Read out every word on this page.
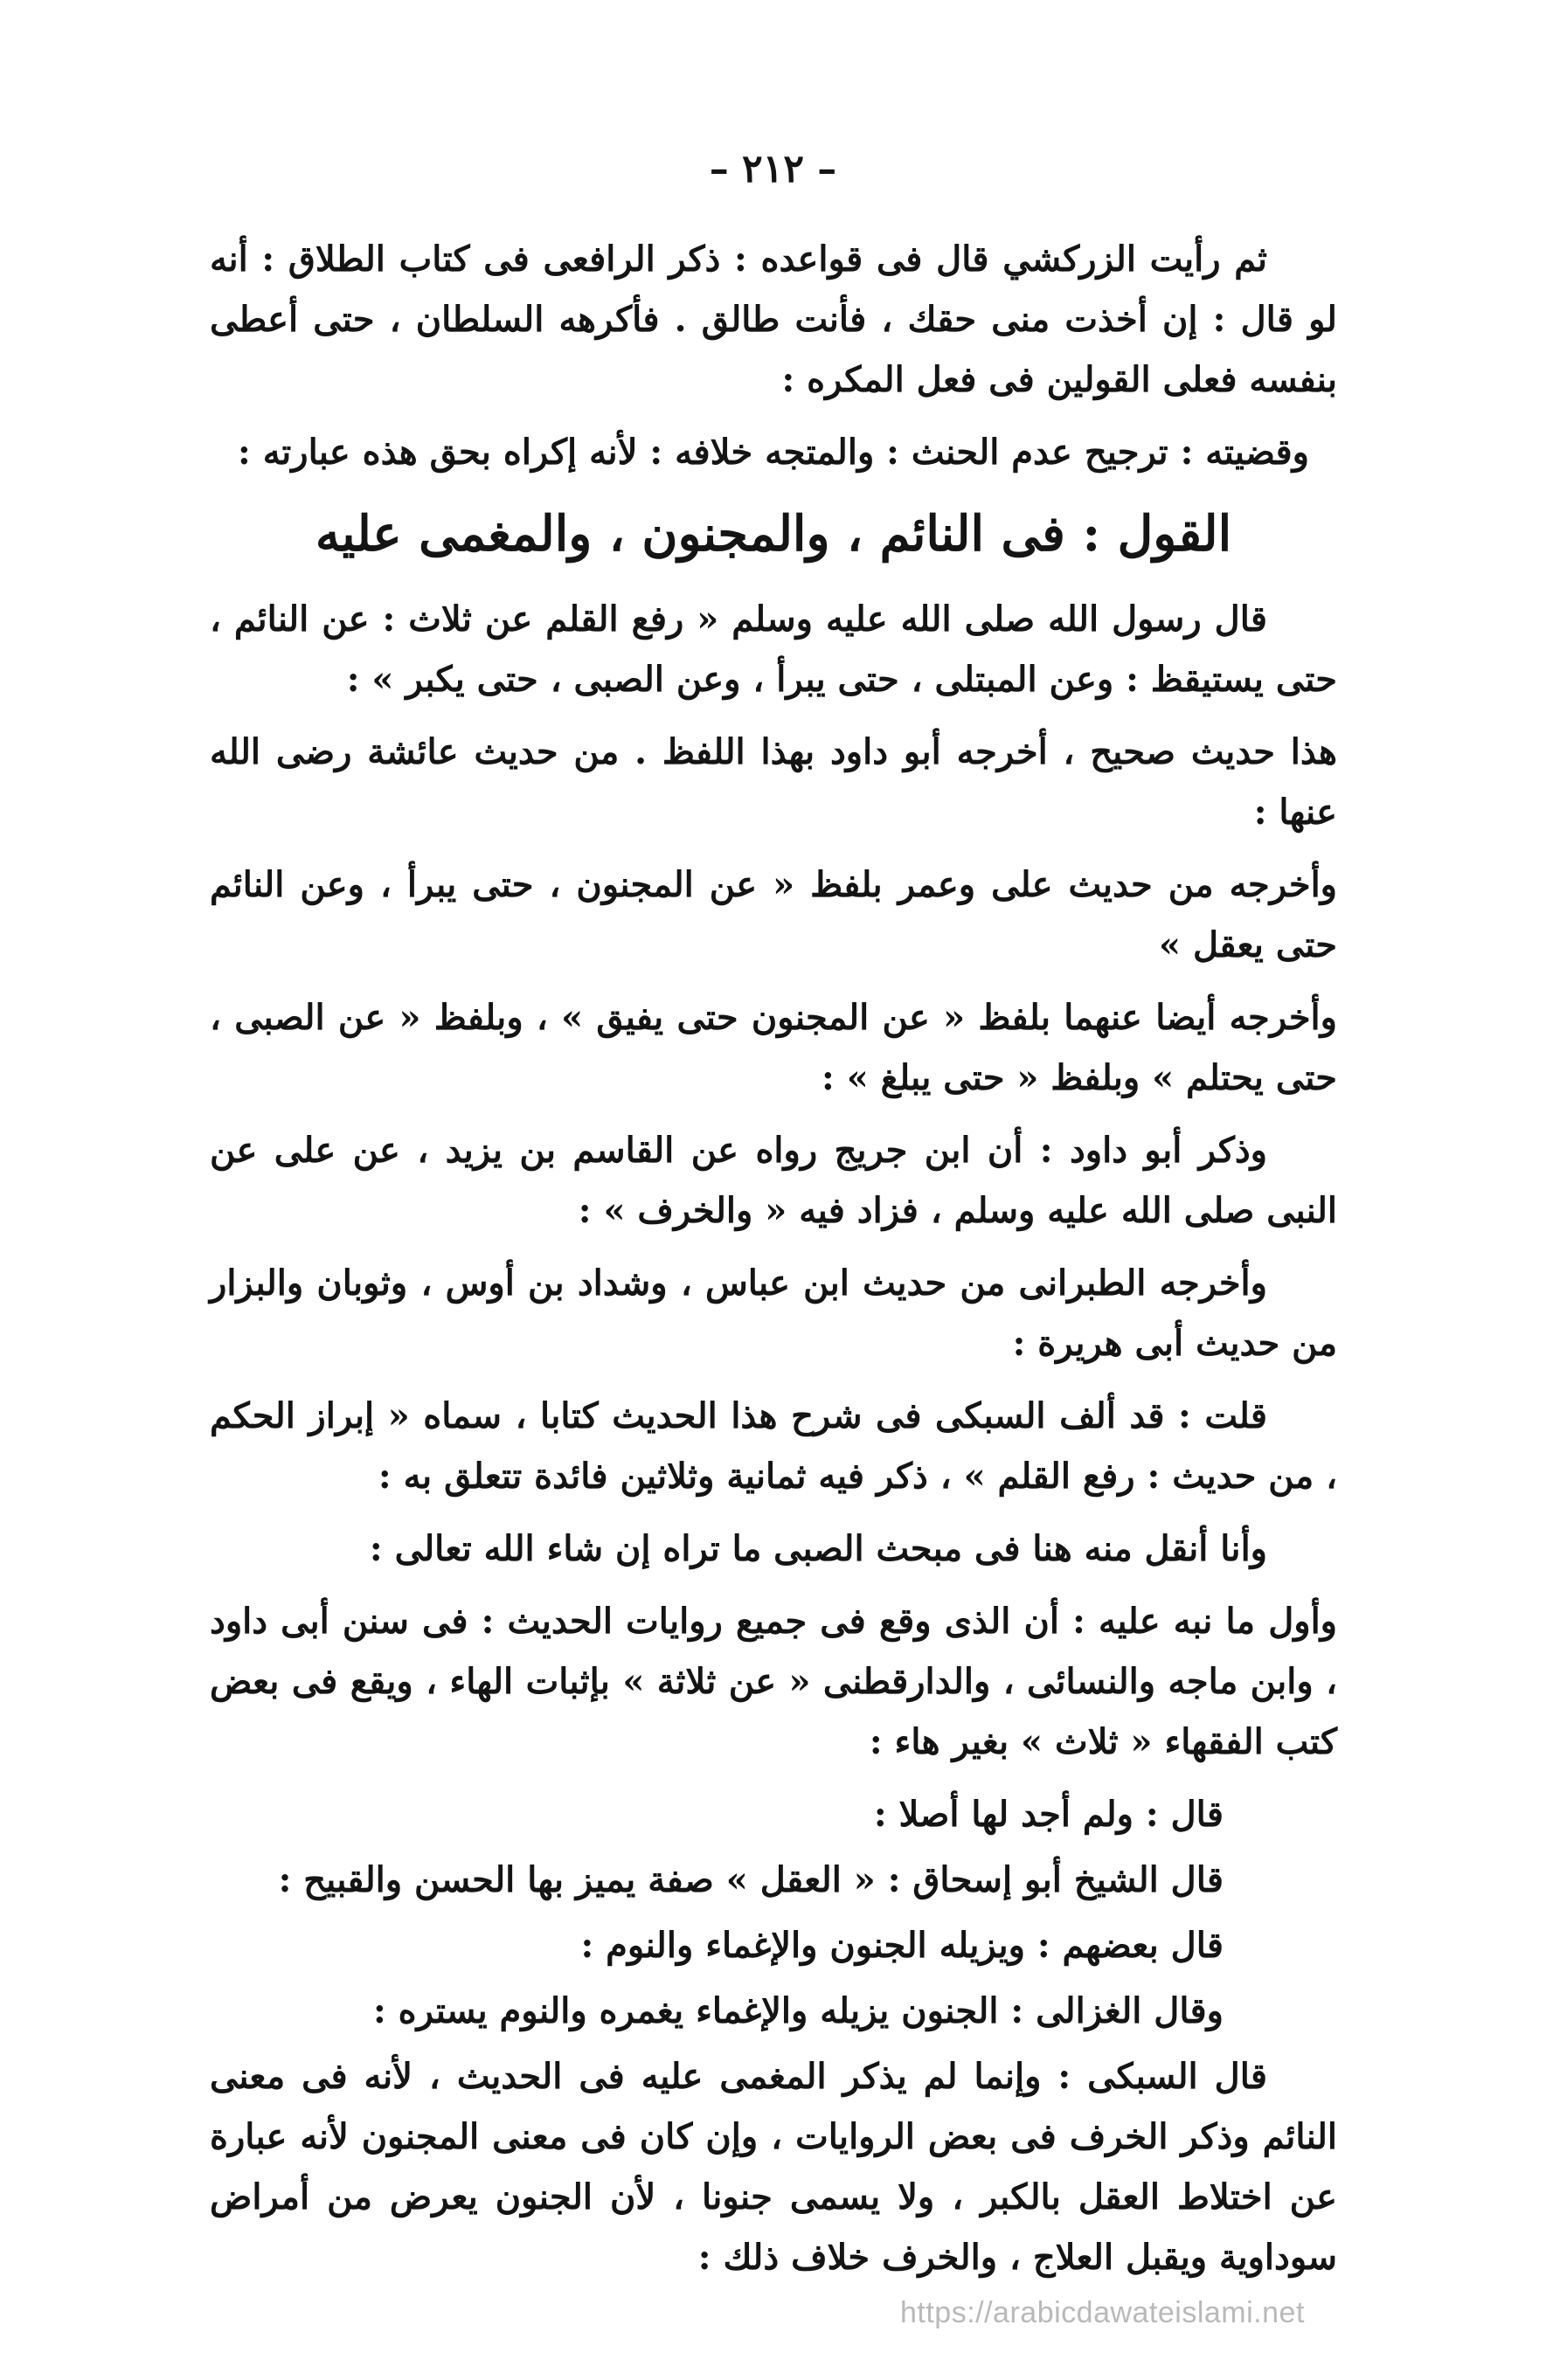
– ٢١٢ –

ثم رأيت الزركشي قال فى قواعده : ذكر الرافعى فى كتاب الطلاق : أنه لو قال : إن أخذت منى حقك ، فأنت طالق . فأكرهه السلطان ، حتى أعطى بنفسه فعلى القولين فى فعل المكره :

وقضيته : ترجيح عدم الحنث : والمتجه خلافه : لأنه إكراه بحق هذه عبارته :

القول : فى النائم ، والمجنون ، والمغمى عليه

قال رسول الله صلى الله عليه وسلم « رفع القلم عن ثلاث : عن النائم ، حتى يستيقظ : وعن المبتلى ، حتى يبرأ ، وعن الصبى ، حتى يكبر » :

هذا حديث صحيح ، أخرجه أبو داود بهذا اللفظ . من حديث عائشة رضى الله عنها :

وأخرجه من حديث على وعمر بلفظ « عن المجنون ، حتى يبرأ ، وعن النائم حتى يعقل »

وأخرجه أيضا عنهما بلفظ « عن المجنون حتى يفيق » ، وبلفظ « عن الصبى ، حتى يحتلم » وبلفظ « حتى يبلغ » :

وذكر أبو داود : أن ابن جريج رواه عن القاسم بن يزيد ، عن على عن النبى صلى الله عليه وسلم ، فزاد فيه « والخرف » :

وأخرجه الطبرانى من حديث ابن عباس ، وشداد بن أوس ، وثوبان والبزار من حديث أبى هريرة :

قلت : قد ألف السبكى فى شرح هذا الحديث كتابا ، سماه « إبراز الحكم ، من حديث : رفع القلم » ، ذكر فيه ثمانية وثلاثين فائدة تتعلق به :

وأنا أنقل منه هنا فى مبحث الصبى ما تراه إن شاء الله تعالى :

وأول ما نبه عليه : أن الذى وقع فى جميع روايات الحديث : فى سنن أبى داود ، وابن ماجه والنسائى ، والدارقطنى « عن ثلاثة » بإثبات الهاء ، ويقع فى بعض كتب الفقهاء « ثلاث » بغير هاء :

قال : ولم أجد لها أصلا :

قال الشيخ أبو إسحاق : « العقل » صفة يميز بها الحسن والقبيح :

قال بعضهم : ويزيله الجنون والإغماء والنوم :

وقال الغزالى : الجنون يزيله والإغماء يغمره والنوم يستره :

قال السبكى : وإنما لم يذكر المغمى عليه فى الحديث ، لأنه فى معنى النائم وذكر الخرف فى بعض الروايات ، وإن كان فى معنى المجنون لأنه عبارة عن اختلاط العقل بالكبر ، ولا يسمى جنونا ، لأن الجنون يعرض من أمراض سوداوية ويقبل العلاج ، والخرف خلاف ذلك :

https://arabicdawateislami.net
